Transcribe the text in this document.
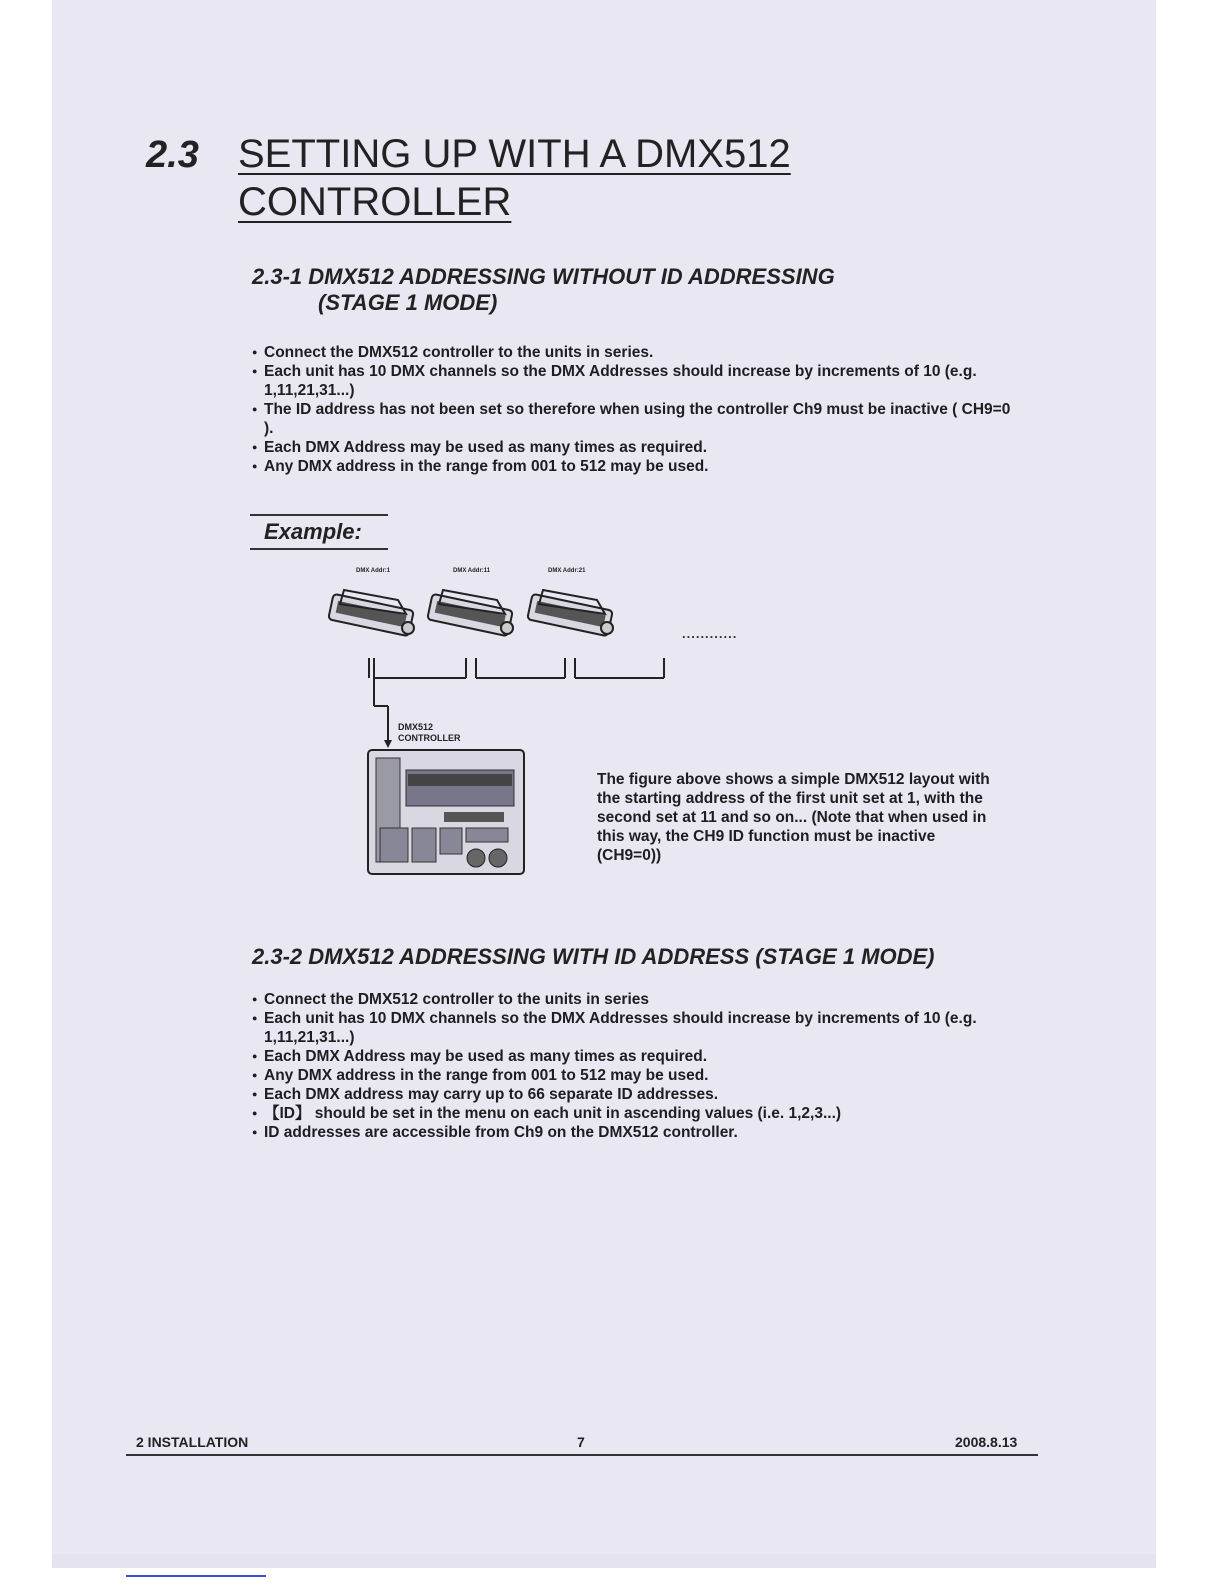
2.3 SETTING UP WITH A DMX512
CONTROLLER
2.3-1 DMX512 ADDRESSING WITHOUT ID ADDRESSING
(STAGE 1 MODE)
● Connect the DMX512 controller to the units in series.
● Each unit has 10 DMX channels so the DMX Addresses should increase by increments of 10 (e.g. 1,11,21,31...)
● The ID address has not been set so therefore when using the controller Ch9 must be inactive ( CH9=0 ).
● Each DMX Address may be used as many times as required.
● Any DMX address in the range from 001 to 512 may be used.
Example:
DMX Addr:1	DMX Addr:11	DMX Addr:21
............
DMX512
CONTROLLER
The figure above shows a simple DMX512 layout with the starting address of the first unit set at 1, with the second set at 11 and so on... (Note that when used in this way, the CH9 ID function must be inactive (CH9=0))
2.3-2 DMX512 ADDRESSING WITH ID ADDRESS (STAGE 1 MODE)
● Connect the DMX512 controller to the units in series
● Each unit has 10 DMX channels so the DMX Addresses should increase by increments of 10 (e.g. 1,11,21,31...)
● Each DMX Address may be used as many times as required.
● Any DMX address in the range from 001 to 512 may be used.
● Each DMX address may carry up to 66 separate ID addresses.
● 【ID】 should be set in the menu on each unit in ascending values (i.e. 1,2,3...)
● ID addresses are accessible from Ch9 on the DMX512 controller.
2 INSTALLATION	7	2008.8.13
